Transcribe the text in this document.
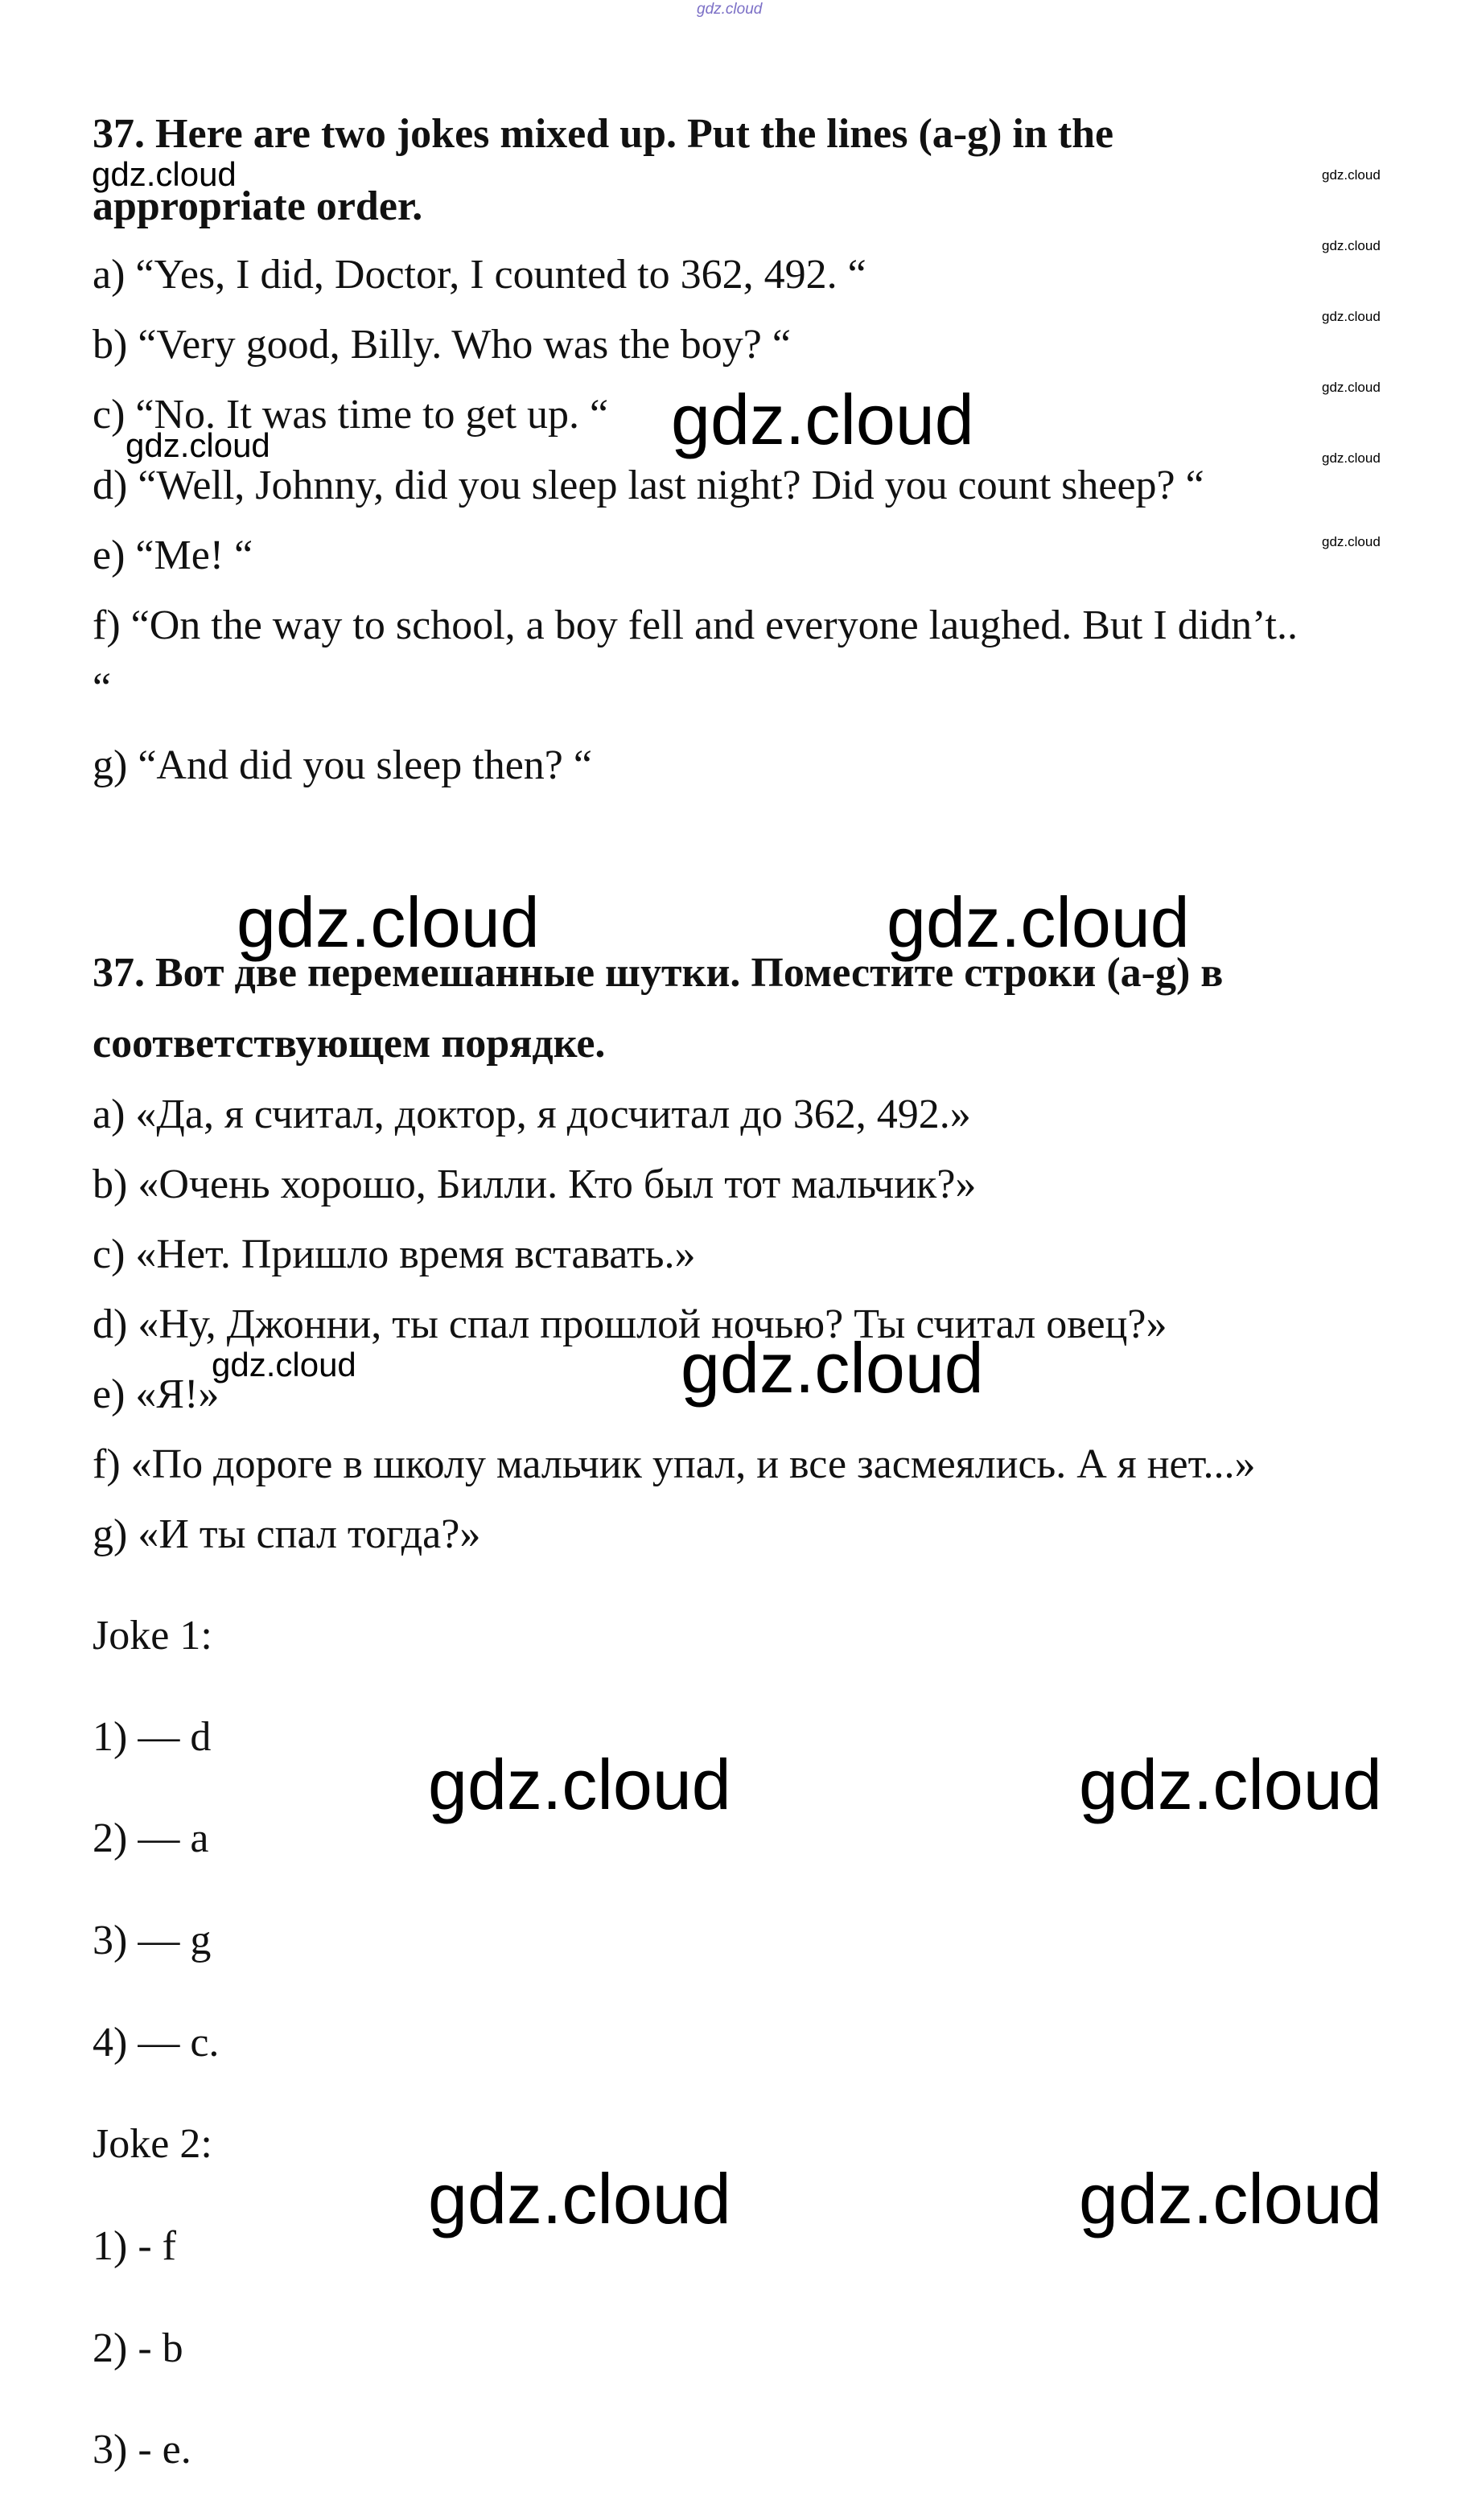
gdz.cloud

37. Here are two jokes mixed up. Put the lines (a-g) in the

appropriate order.

a) “Yes, I did, Doctor, I counted to 362, 492. “

b) “Very good, Billy. Who was the boy? “

c) “No. It was time to get up. “

d) “Well, Johnny, did you sleep last night? Did you count sheep? “

e) “Me! “

f) “On the way to school, a boy fell and everyone laughed. But I didn’t..

“

g) “And did you sleep then? “

37. Вот две перемешанные шутки. Поместите строки (a-g) в

соответствующем порядке.

a) «Да, я считал, доктор, я досчитал до 362, 492.»

b) «Очень хорошо, Билли. Кто был тот мальчик?»

c) «Нет. Пришло время вставать.»

d) «Ну, Джонни, ты спал прошлой ночью? Ты считал овец?»

e) «Я!»

f) «По дороге в школу мальчик упал, и все засмеялись. А я нет...»

g) «И ты спал тогда?»

Joke 1:

1) — d

2) — a

3) — g

4) — c.

Joke 2:

1) - f

2) - b

3) - e.

gdz.cloud
gdz.cloud
gdz.cloud
gdz.cloud
gdz.cloud	gdz.cloud
gdz.cloud
gdz.cloud	gdz.cloud
gdz.cloud	gdz.cloud
gdz.cloud
gdz.cloud
gdz.cloud
gdz.cloud
gdz.cloud
gdz.cloud
